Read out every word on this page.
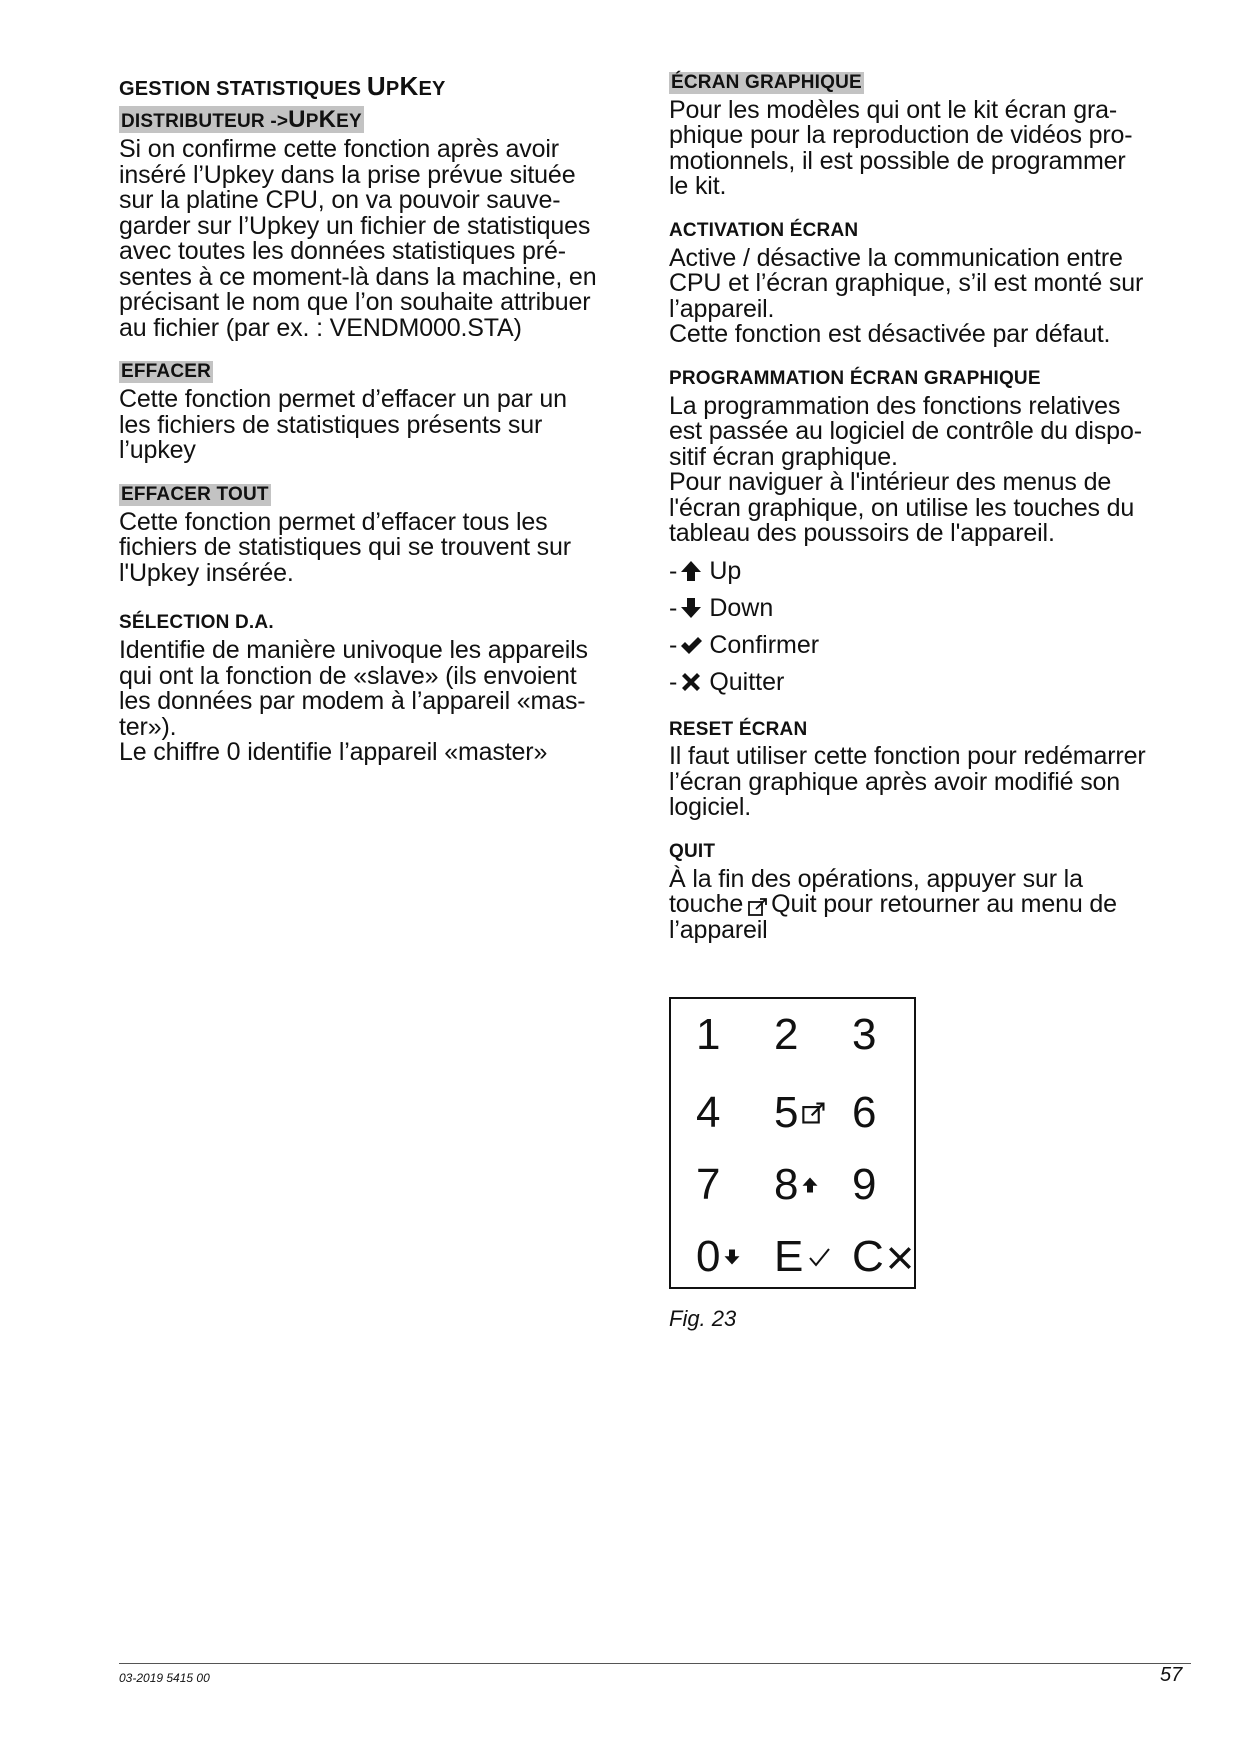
GESTION STATISTIQUES UPKEY
DISTRIBUTEUR ->UPKEY

Si on confirme cette fonction après avoir

inséré l’Upkey dans la prise prévue située

sur la platine CPU, on va pouvoir sauve-

garder sur l’Upkey un fichier de statistiques

avec toutes les données statistiques pré-

sentes à ce moment-là dans la machine, en

précisant le nom que l’on souhaite attribuer

au fichier (par ex. : VENDM000.STA)

EFFACER

Cette fonction permet d’effacer un par un

les fichiers de statistiques présents sur

l’upkey

EFFACER TOUT

Cette fonction permet d’effacer tous les

fichiers de statistiques qui se trouvent sur

l'Upkey insérée.

SÉLECTION D.A.

Identifie de manière univoque les appareils

qui ont la fonction de «slave» (ils envoient

les données par modem à l’appareil «mas-

ter»).

Le chiffre 0 identifie l’appareil «master»

ÉCRAN GRAPHIQUE

Pour les modèles qui ont le kit écran gra-

phique pour la reproduction de vidéos pro-

motionnels, il est possible de programmer

le kit.

ACTIVATION ÉCRAN

Active / désactive la communication entre

CPU et l’écran graphique, s’il est monté sur

l’appareil.

Cette fonction est désactivée par défaut.

PROGRAMMATION ÉCRAN GRAPHIQUE

La programmation des fonctions relatives

est passée au logiciel de contrôle du dispo-

sitif écran graphique.

Pour naviguer à l'intérieur des menus de

l'écran graphique, on utilise les touches du

tableau des poussoirs de l'appareil.

- Up
- Down
- Confirmer
- Quitter
RESET ÉCRAN

Il faut utiliser cette fonction pour redémarrer

l’écran graphique après avoir modifié son

logiciel.

QUIT

À la fin des opérations, appuyer sur la

touche Quit pour retourner au menu de

l’appareil

1 2 3
4 5 6
7 8 9
0 E C
Fig. 23
03-2019 5415 00	57
